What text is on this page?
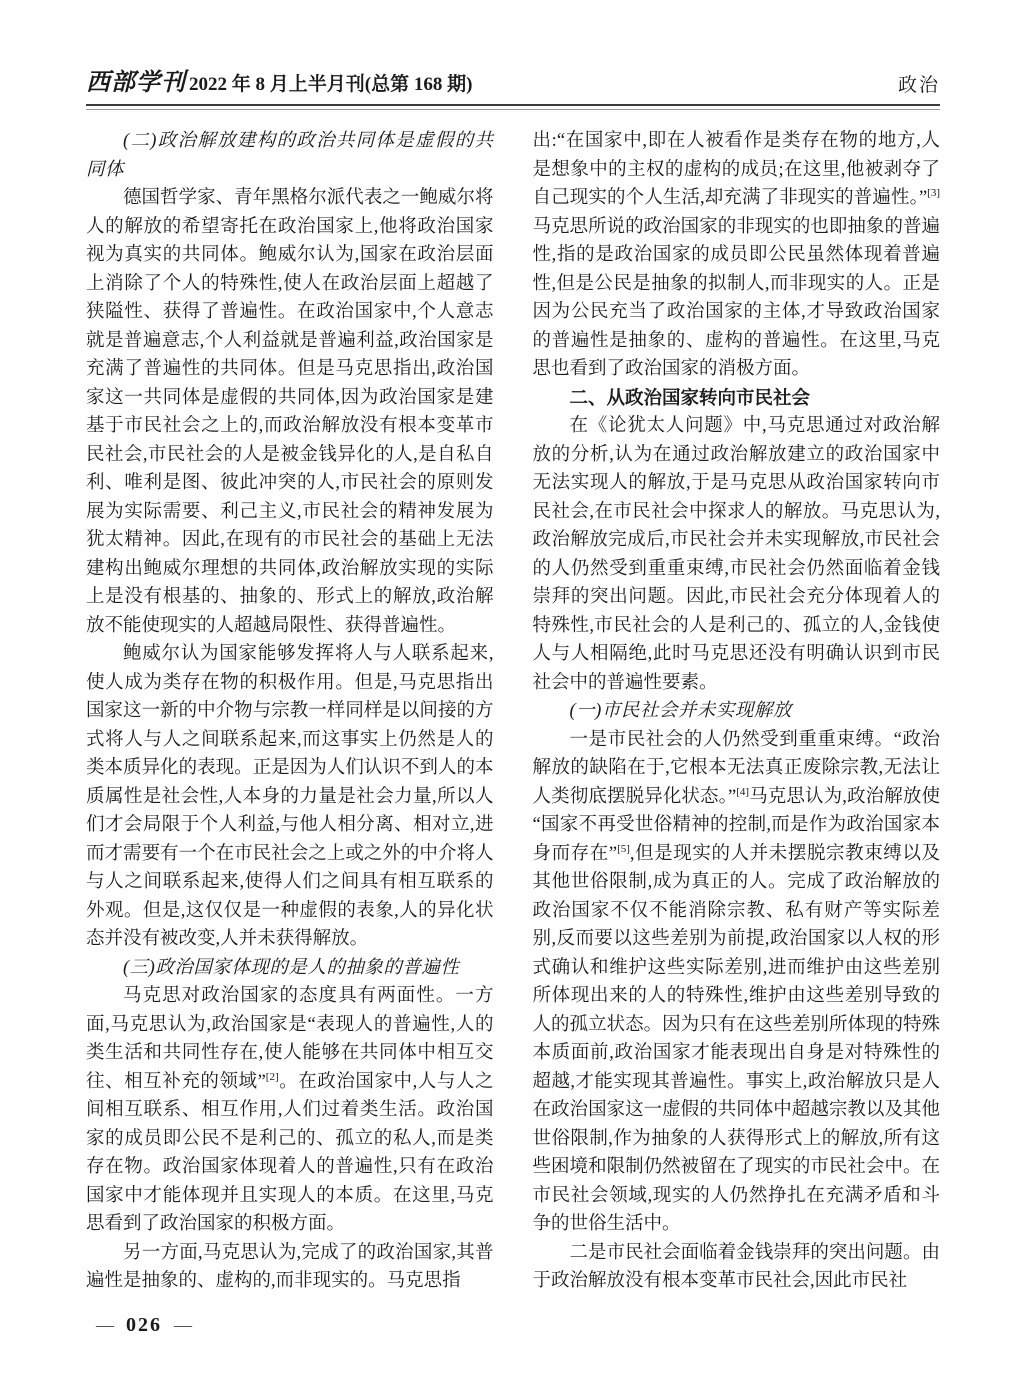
西部学刊 2022 年 8 月上半月刊(总第 168 期)	政治
(二)政治解放建构的政治共同体是虚假的共同体

德国哲学家、青年黑格尔派代表之一鲍威尔将人的解放的希望寄托在政治国家上,他将政治国家视为真实的共同体。鲍威尔认为,国家在政治层面上消除了个人的特殊性,使人在政治层面上超越了狭隘性、获得了普遍性。在政治国家中,个人意志就是普遍意志,个人利益就是普遍利益,政治国家是充满了普遍性的共同体。但是马克思指出,政治国家这一共同体是虚假的共同体,因为政治国家是建基于市民社会之上的,而政治解放没有根本变革市民社会,市民社会的人是被金钱异化的人,是自私自利、唯利是图、彼此冲突的人,市民社会的原则发展为实际需要、利己主义,市民社会的精神发展为犹太精神。因此,在现有的市民社会的基础上无法建构出鲍威尔理想的共同体,政治解放实现的实际上是没有根基的、抽象的、形式上的解放,政治解放不能使现实的人超越局限性、获得普遍性。

鲍威尔认为国家能够发挥将人与人联系起来,使人成为类存在物的积极作用。但是,马克思指出国家这一新的中介物与宗教一样同样是以间接的方式将人与人之间联系起来,而这事实上仍然是人的类本质异化的表现。正是因为人们认识不到人的本质属性是社会性,人本身的力量是社会力量,所以人们才会局限于个人利益,与他人相分离、相对立,进而才需要有一个在市民社会之上或之外的中介将人与人之间联系起来,使得人们之间具有相互联系的外观。但是,这仅仅是一种虚假的表象,人的异化状态并没有被改变,人并未获得解放。

(三)政治国家体现的是人的抽象的普遍性

马克思对政治国家的态度具有两面性。一方面,马克思认为,政治国家是“表现人的普遍性,人的类生活和共同性存在,使人能够在共同体中相互交往、相互补充的领域”[2]。在政治国家中,人与人之间相互联系、相互作用,人们过着类生活。政治国家的成员即公民不是利己的、孤立的私人,而是类存在物。政治国家体现着人的普遍性,只有在政治国家中才能体现并且实现人的本质。在这里,马克思看到了政治国家的积极方面。

另一方面,马克思认为,完成了的政治国家,其普遍性是抽象的、虚构的,而非现实的。马克思指

出:“在国家中,即在人被看作是类存在物的地方,人是想象中的主权的虚构的成员;在这里,他被剥夺了自己现实的个人生活,却充满了非现实的普遍性。”[3]马克思所说的政治国家的非现实的也即抽象的普遍性,指的是政治国家的成员即公民虽然体现着普遍性,但是公民是抽象的拟制人,而非现实的人。正是因为公民充当了政治国家的主体,才导致政治国家的普遍性是抽象的、虚构的普遍性。在这里,马克思也看到了政治国家的消极方面。

二、从政治国家转向市民社会

在《论犹太人问题》中,马克思通过对政治解放的分析,认为在通过政治解放建立的政治国家中无法实现人的解放,于是马克思从政治国家转向市民社会,在市民社会中探求人的解放。马克思认为,政治解放完成后,市民社会并未实现解放,市民社会的人仍然受到重重束缚,市民社会仍然面临着金钱崇拜的突出问题。因此,市民社会充分体现着人的特殊性,市民社会的人是利己的、孤立的人,金钱使人与人相隔绝,此时马克思还没有明确认识到市民社会中的普遍性要素。

(一)市民社会并未实现解放

一是市民社会的人仍然受到重重束缚。“政治解放的缺陷在于,它根本无法真正废除宗教,无法让人类彻底摆脱异化状态。”[4]马克思认为,政治解放使“国家不再受世俗精神的控制,而是作为政治国家本身而存在”[5],但是现实的人并未摆脱宗教束缚以及其他世俗限制,成为真正的人。完成了政治解放的政治国家不仅不能消除宗教、私有财产等实际差别,反而要以这些差别为前提,政治国家以人权的形式确认和维护这些实际差别,进而维护由这些差别所体现出来的人的特殊性,维护由这些差别导致的人的孤立状态。因为只有在这些差别所体现的特殊本质面前,政治国家才能表现出自身是对特殊性的超越,才能实现其普遍性。事实上,政治解放只是人在政治国家这一虚假的共同体中超越宗教以及其他世俗限制,作为抽象的人获得形式上的解放,所有这些困境和限制仍然被留在了现实的市民社会中。在市民社会领域,现实的人仍然挣扎在充满矛盾和斗争的世俗生活中。

二是市民社会面临着金钱崇拜的突出问题。由于政治解放没有根本变革市民社会,因此市民社

— 026 —
